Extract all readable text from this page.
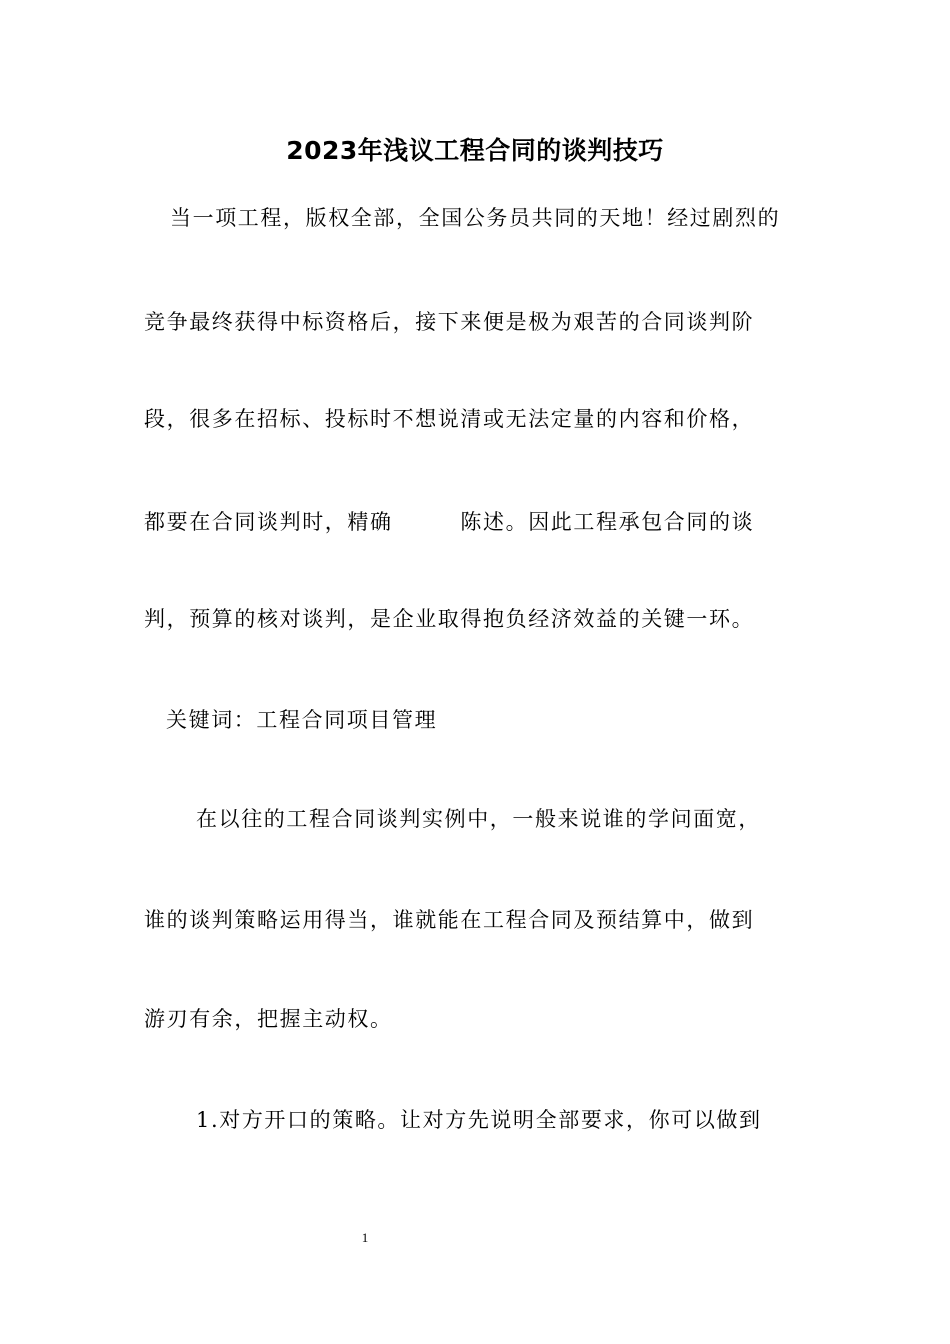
2023年浅议工程合同的谈判技巧
当一项工程，版权全部，全国公务员共同的天地！经过剧烈的
竞争最终获得中标资格后，接下来便是极为艰苦的合同谈判阶
段，很多在招标、投标时不想说清或无法定量的内容和价格，
都要在合同谈判时，精确　　　陈述。因此工程承包合同的谈
判，预算的核对谈判，是企业取得抱负经济效益的关键一环。
关键词：工程合同项目管理
在以往的工程合同谈判实例中，一般来说谁的学问面宽，
谁的谈判策略运用得当，谁就能在工程合同及预结算中，做到
游刃有余，把握主动权。
1.对方开口的策略。让对方先说明全部要求，你可以做到
1
